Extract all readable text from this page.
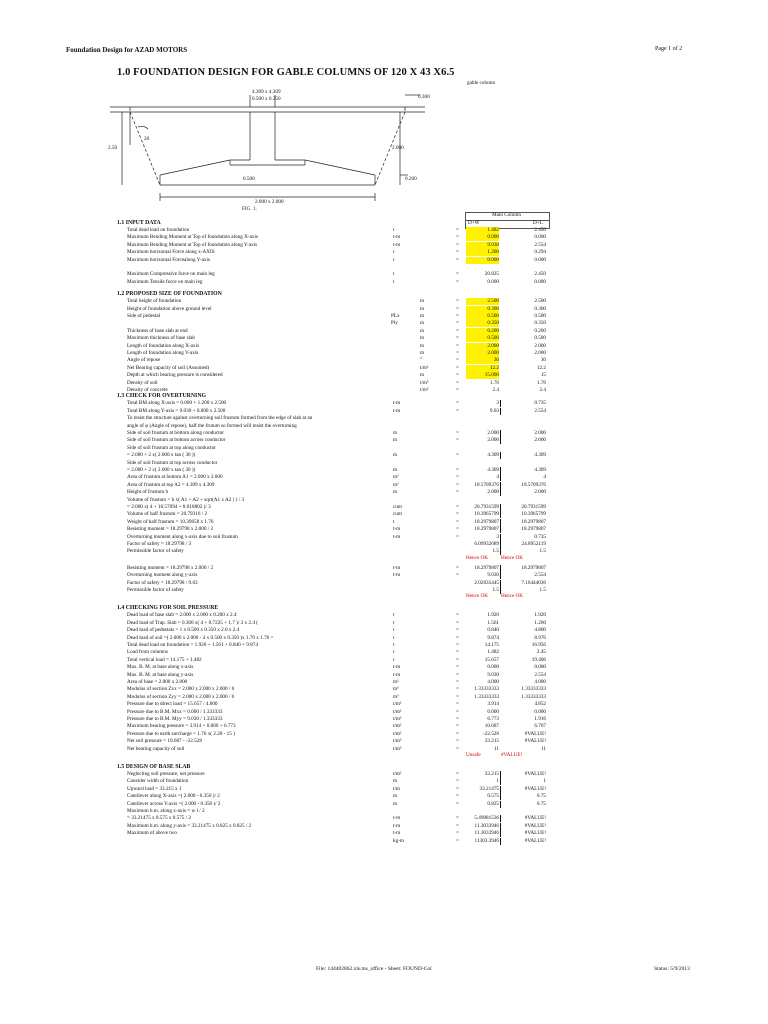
Foundation Design for AZAD MOTORS	Page 1 of 2
1.0 FOUNDATION DESIGN FOR GABLE COLUMNS OF 120 X 43 X6.5
gable column
4.309 x 4.309
0.500 x 0.350	0.300
20
2.50	2.000
0.500	0.200
2.000 x 2.000
FIG. 1.
Main Column
D+W	D+L
1.1 INPUT DATA
Total dead load on foundation	t	=	1.482	2.450
Maximum Bending Moment at Top of foundation along X-axis	t-m	=	0.000	0.000
Maximum Bending Moment at Top of foundation along Y-axis	t-m	=	9.030	2.554
Maximum horizontal Force along x-AXIS	t	=	1.200	0.294
Maximum horizontal Forcealong Y-axis	t	=	0.000	0.000
Maximum Compressive force on main leg	t	=	20.825	2.450
Maximum Tensile force on main leg	t	=	0.000	0.000
1.2 PROPOSED SIZE OF FOUNDATION
Total height of foundation	m	=	2.500	2.500
Height of foundation above ground level	m	=	0.300	0.300
Side of pedestal	PLx	m	=	0.500	0.500
Ply	m	=	0.350	0.350
Thickness of base slab at end	m	=	0.200	0.200
Maximum thickness of base slab	m	=	0.500	0.500
Length of foundation along X-axis	m	=	2.000	2.000
Length of foundation along Y-axis	m	=	2.000	2.000
Angle of repose	°	=	30	30
Net Bearing capacity of soil (Assumed)	t/m²	=	12.2	12.2
Depth at which bearing pressure is considered	m	=	15.000	15
Density of soil	t/m³	=	1.76	1.76
Density of concrete	t/m³	=	2.4	2.4
1.3 CHECK FOR OVERTURNING
Total BM along X-axis = 0.000 + 1.200 x 2.500	t-m	=	3	0.735
Total BM along Y-axis = 9.030 + 0.000 x 2.500	t-m	=	9.03	2.554
To resist the structure against overturning soil frustum formed from the edge of slab at an
angle of φ (Angle of repose), half the frutum so formed will resist the overturning
Side of soil frustum at bottom along conductor	m	=	2.000	2.000
Side of soil frustum at bottom across conductor	m	=	2.000	2.000
Side of soil frustum at top along conductor
= 2.000 + 2 x( 2.000 x tan ( 30 ))	m	=	4.309	4.309
Side of soil frustum at top across conductor
= 2.000 + 2 x( 2.000 x tan ( 30 ))	m	=	4.309	4.309
Area of frustum at bottom A1 = 2.000 x 2.000	m²	=	4	4
Area of frustum at top A2 = 4.309 x 4.309	m²	=	18.5709376	18.5709376
Height of frustum h	m	=	2.000	2.000
Volume of frustum = h x( A1 + A2 + sqrt(A1 x A2 ) ) / 3
= 2.000 x( 4 + 18.57094 + 8.618802 )/ 3	cum	=	20.7931599	20.7931599
Volume of half frustum = 20.79316 / 2	cum	=	10.3965799	10.3965799
Weight of half frustum = 10.39658 x 1.76	t	=	18.2979807	18.2979807
Resisting moment = 18.29798 x 2.000 / 2	t-m	=	18.2979807	18.2979807
Overturning moment along x-axis due to soil frustum	t-m	=	3	0.735
Factor of safety = 18.29798 / 3	6.09932689	24.8952119
Permissible factor of safety	1.5	1.5
Hence OK	Hence OK
Resisting moment = 18.29798 x 2.000 / 2	t-m	=	18.2979807	18.2979807
Overturning moment along y-axis	t-m	=	9.030	2.554
Factor of safety = 18.29798 / 9.03	2.02635445	7.16444036
Permissible factor of safety	1.5	1.5
Hence OK	Hence OK
1.4 CHECKING FOR SOIL PRESSURE
Dead load of base slab = 2.000 x 2.000 x 0.200 x 2.4	t	=	1.920	1.920
Dead load of Trap. Slab = 0.300 x( 4 + 0.7225 + 1.7 )/ 3 x 2.4 (	t	=	1.561	1.260
Dead load of pedestals = 1 x 0.500 x 0.350 x 2.0 x 2.4	t	=	0.840	4.800
Dead load of soil =( 2.000 x 2.000 - 4 x 0.500 x 0.350 )x 1.70 x 1.76 =	t	=	9.874	8.976
Total dead load on foundation = 1.920 + 1.561 + 0.840 + 9.874	t	=	14.175	16.956
Load from columns	t	=	1.482	2.45
Total vertical load = 14.175 + 1.482	t	=	15.657	19.406
Max. B. M. at base along x-axis	t-m	=	0.000	0.000
Max. B. M. at base along y-axis	t-m	=	9.030	2.554
Area of base = 2.000 x 2.000	m²	=	4.000	4.000
Modulus of section Zxx = 2.000 x 2.000 x 2.000 / 6	m³	=	1.33333333	1.33333333
Modulus of section Zyy = 2.000 x 2.000 x 2.000 / 6	m³	=	1.33333333	1.33333333
Pressure due to direct load = 15.657 / 4.000	t/m²	=	3.914	4.852
Pressure due to B.M. Mxx = 0.000 / 1.333333	t/m²	=	0.000	0.000
Pressure due to B.M. Myy = 9.030 / 1.333333	t/m²	=	6.773	1.916
Maximum bearing pressure = 3.914 + 0.000 + 6.773	t/m²	=	10.687	6.767
Pressure due to earth surcharge = 1.76 x( 2.20 - 15 )	t/m²	=	-22.528	#VALUE!
Net soil pressure = 10.687 - -22.528	t/m²	=	33.215	#VALUE!
Net bearing capacity of soil	t/m²	=	11	11
Unsafe	#VALUE!
1.5 DESIGN OF BASE SLAB
Neglecting soil pressure, net pressure	t/m²	=	33.215	#VALUE!
Consider width of foundation	m	=	1	1
Upward load = 33.215 x 1	t/m	=	33.21475	#VALUE!
Cantilever along X-axis =( 2.000 - 0.350 )/ 2	m	=	0.575	0.75
Cantilever across Y-axis =( 2.000 - 0.350 )/ 2	m	=	0.825	0.75
Maximum b.m. along x-axis = w l / 2
= 33.21475 x 0.575 x 0.575 / 2	t-m	=	5.49081536	#VALUE!
Maximum b.m. along y-axis = 33.21475 x 0.825 x 0.825 / 2	t-m	=	11.3033946	#VALUE!
Maximum of above two	t-m	=	11.3033946	#VALUE!
kg-m	=	11303.3946	#VALUE!
File: 144402862.xls.ms_office - Sheet: FOUND-Col	Status: 5/9/2013
